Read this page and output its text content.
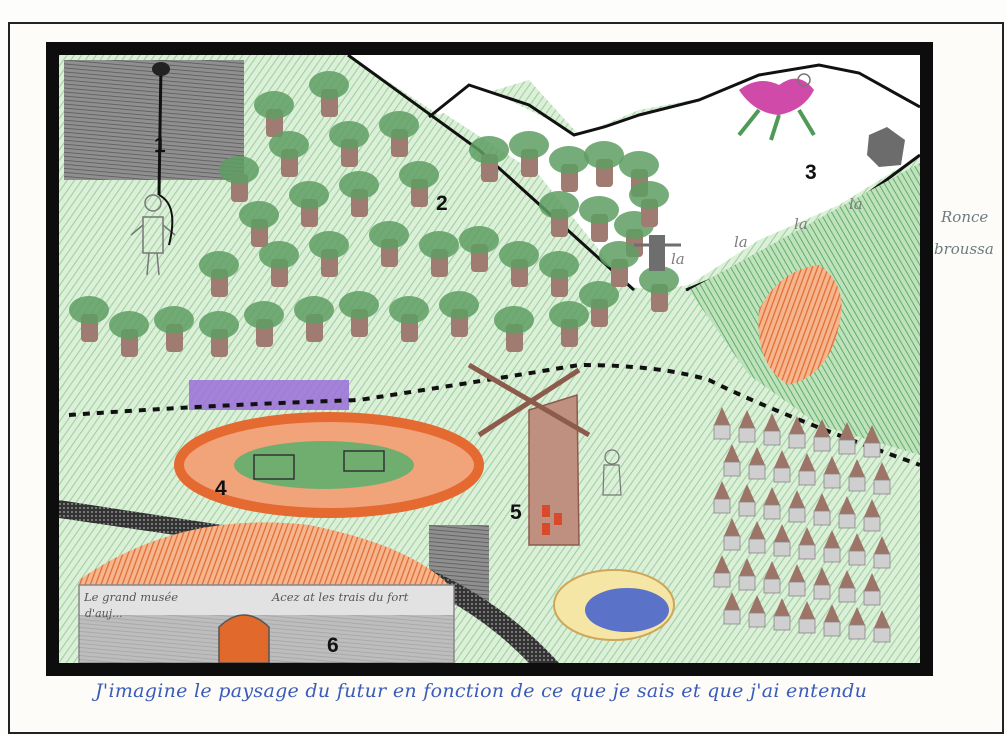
1
2
3
4
5
6
la
la
la
la
Le grand musée	Acez at les trais du fort
d'auj...
Ronce
broussa
J'imagine le paysage du futur en fonction de ce que je sais et que j'ai entendu
